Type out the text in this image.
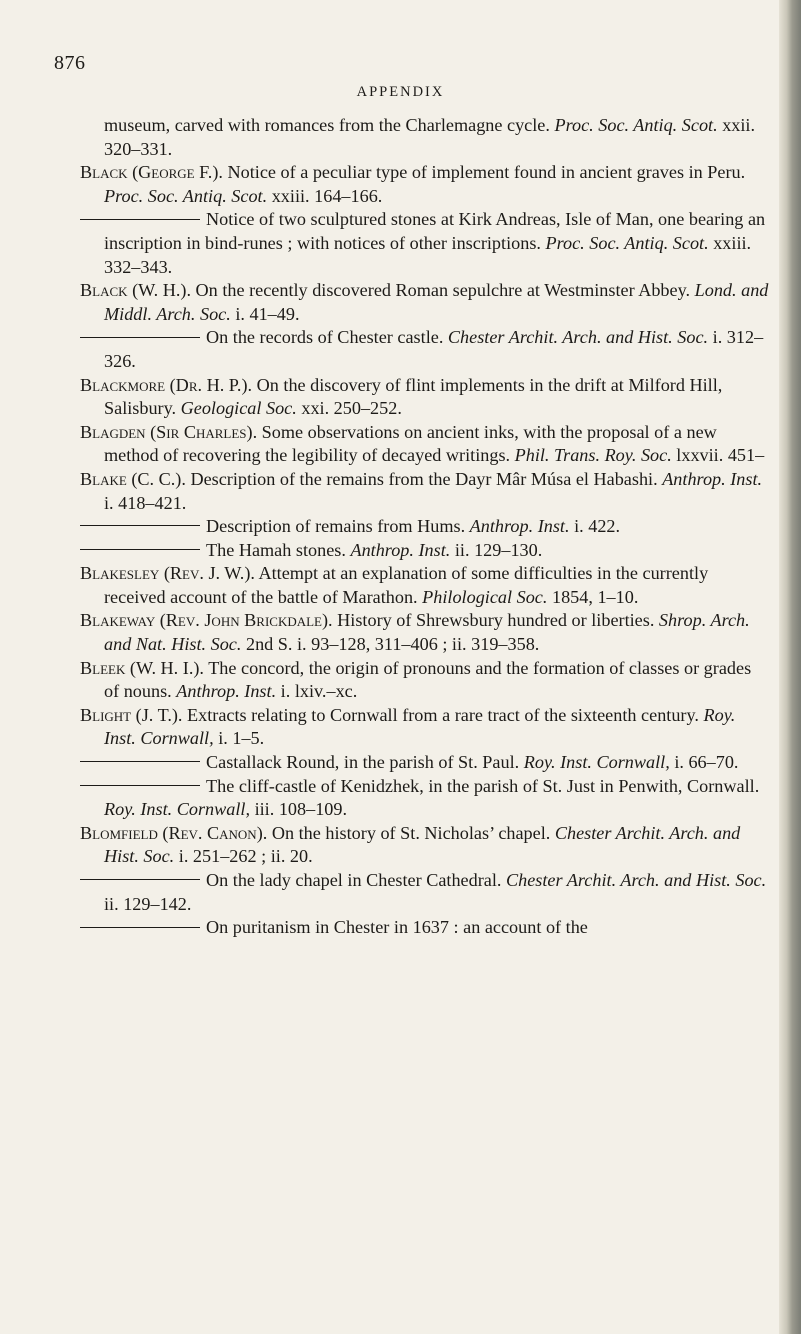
876
APPENDIX

museum, carved with romances from the Charlemagne cycle. Proc. Soc. Antiq. Scot. xxii. 320–331.

Black (George F.). Notice of a peculiar type of implement found in ancient graves in Peru. Proc. Soc. Antiq. Scot. xxiii. 164–166.

Notice of two sculptured stones at Kirk Andreas, Isle of Man, one bearing an inscription in bind-runes ; with notices of other inscriptions. Proc. Soc. Antiq. Scot. xxiii. 332–343.

Black (W. H.). On the recently discovered Roman sepulchre at Westminster Abbey. Lond. and Middl. Arch. Soc. i. 41–49.

On the records of Chester castle. Chester Archit. Arch. and Hist. Soc. i. 312–326.

Blackmore (Dr. H. P.). On the discovery of flint implements in the drift at Milford Hill, Salisbury. Geological Soc. xxi. 250–252.

Blagden (Sir Charles). Some observations on ancient inks, with the proposal of a new method of recovering the legibility of decayed writings. Phil. Trans. Roy. Soc. lxxvii. 451–

Blake (C. C.). Description of the remains from the Dayr Mâr Músa el Habashi. Anthrop. Inst. i. 418–421.

Description of remains from Hums. Anthrop. Inst. i. 422.

The Hamah stones. Anthrop. Inst. ii. 129–130.

Blakesley (Rev. J. W.). Attempt at an explanation of some difficulties in the currently received account of the battle of Marathon. Philological Soc. 1854, 1–10.

Blakeway (Rev. John Brickdale). History of Shrewsbury hundred or liberties. Shrop. Arch. and Nat. Hist. Soc. 2nd S. i. 93–128, 311–406 ; ii. 319–358.

Bleek (W. H. I.). The concord, the origin of pronouns and the formation of classes or grades of nouns. Anthrop. Inst. i. lxiv.–xc.

Blight (J. T.). Extracts relating to Cornwall from a rare tract of the sixteenth century. Roy. Inst. Cornwall, i. 1–5.

Castallack Round, in the parish of St. Paul. Roy. Inst. Cornwall, i. 66–70.

The cliff-castle of Kenidzhek, in the parish of St. Just in Penwith, Cornwall. Roy. Inst. Cornwall, iii. 108–109.

Blomfield (Rev. Canon). On the history of St. Nicholas’ chapel. Chester Archit. Arch. and Hist. Soc. i. 251–262 ; ii. 20.

On the lady chapel in Chester Cathedral. Chester Archit. Arch. and Hist. Soc. ii. 129–142.

On puritanism in Chester in 1637 : an account of the
